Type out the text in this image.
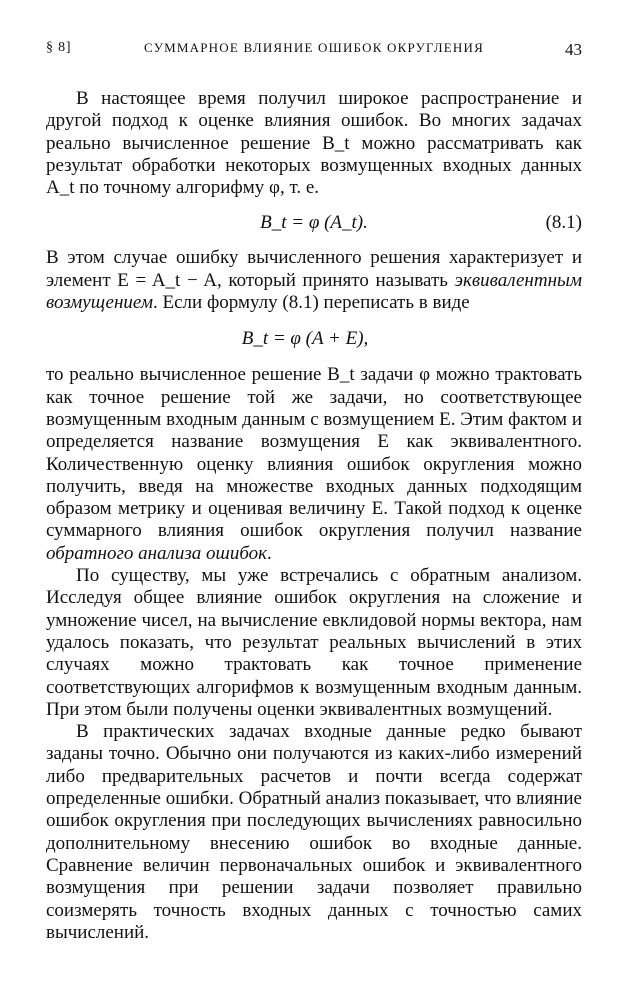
§ 8]	СУММАРНОЕ ВЛИЯНИЕ ОШИБОК ОКРУГЛЕНИЯ	43

В настоящее время получил широкое распространение и другой подход к оценке влияния ошибок. Во многих задачах реально вычисленное решение B_t можно рассматривать как результат обработки некоторых возмущенных входных данных A_t по точному алгорифму φ, т. е.

B_t = φ (A_t).	(8.1)

В этом случае ошибку вычисленного решения характеризует и элемент E = A_t − A, который принято называть эквивалентным возмущением. Если формулу (8.1) переписать в виде

B_t = φ (A + E),

то реально вычисленное решение B_t задачи φ можно трактовать как точное решение той же задачи, но соответствующее возмущенным входным данным с возмущением E. Этим фактом и определяется название возмущения E как эквивалентного. Количественную оценку влияния ошибок округления можно получить, введя на множестве входных данных подходящим образом метрику и оценивая величину E. Такой подход к оценке суммарного влияния ошибок округления получил название обратного анализа ошибок.

По существу, мы уже встречались с обратным анализом. Исследуя общее влияние ошибок округления на сложение и умножение чисел, на вычисление евклидовой нормы вектора, нам удалось показать, что результат реальных вычислений в этих случаях можно трактовать как точное применение соответствующих алгорифмов к возмущенным входным данным. При этом были получены оценки эквивалентных возмущений.

В практических задачах входные данные редко бывают заданы точно. Обычно они получаются из каких-либо измерений либо предварительных расчетов и почти всегда содержат определенные ошибки. Обратный анализ показывает, что влияние ошибок округления при последующих вычислениях равносильно дополнительному внесению ошибок во входные данные. Сравнение величин первоначальных ошибок и эквивалентного возмущения при решении задачи позволяет правильно соизмерять точность входных данных с точностью самих вычислений.
